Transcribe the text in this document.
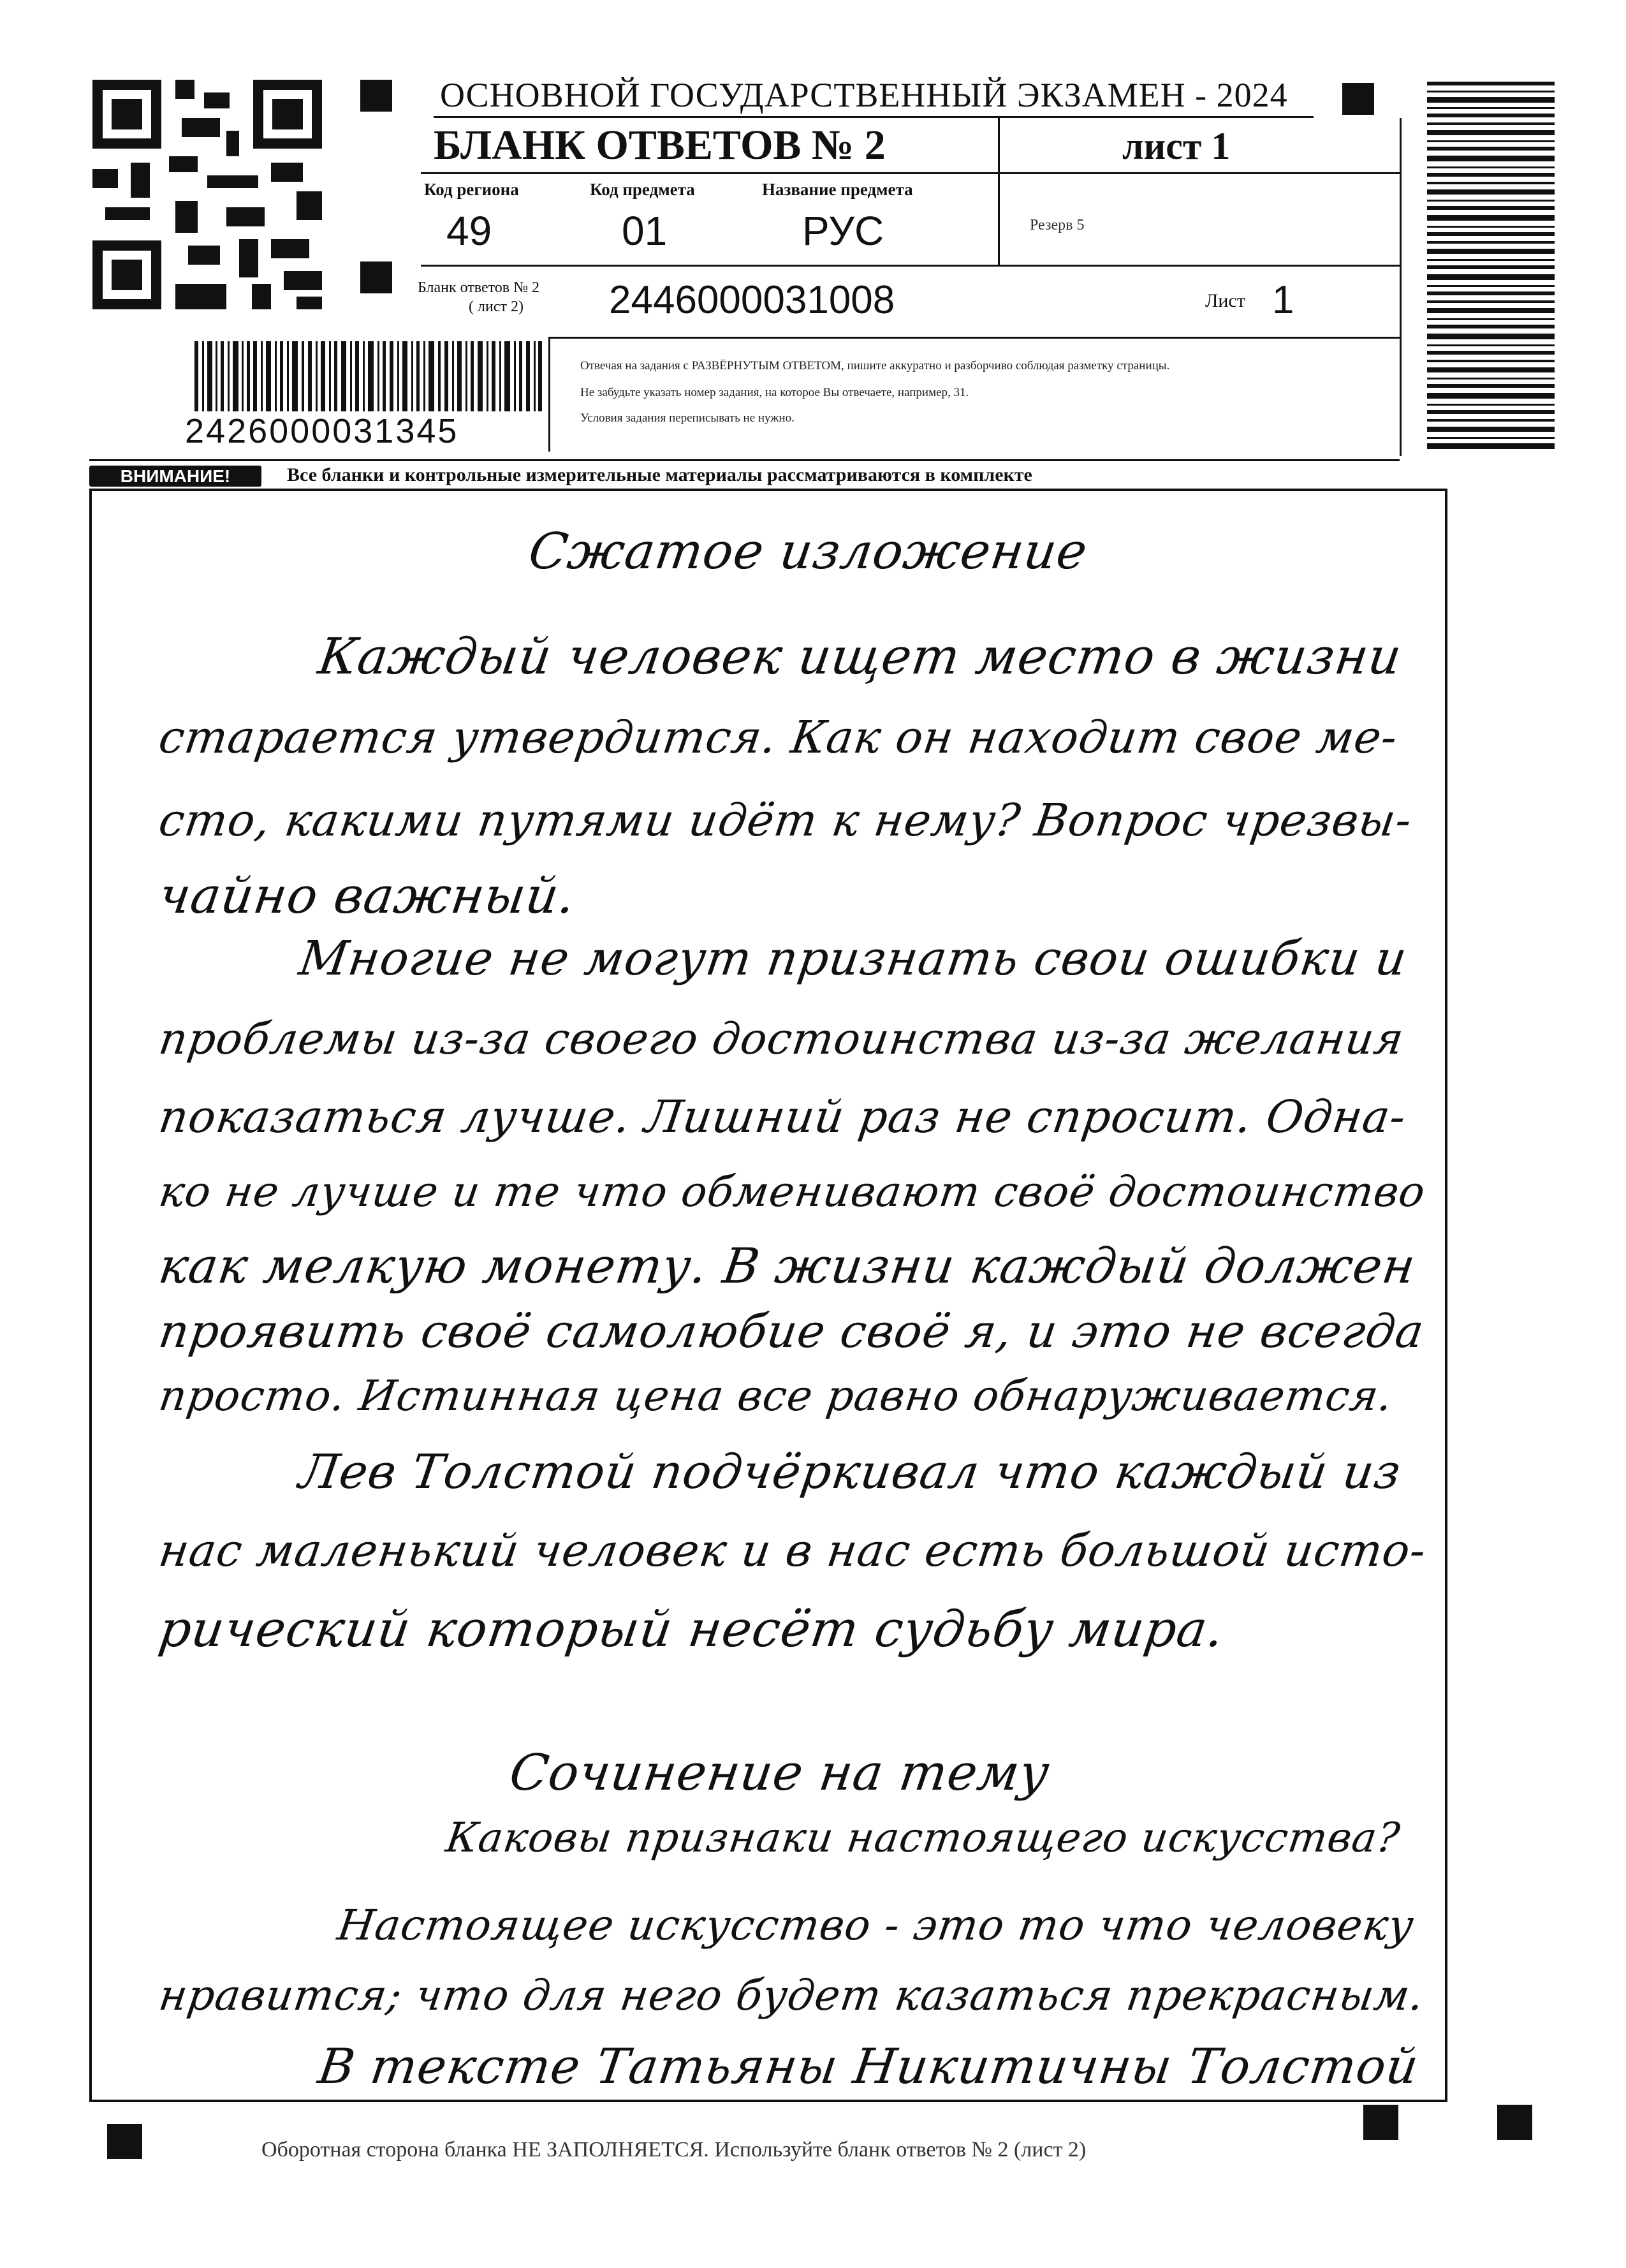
ОСНОВНОЙ ГОСУДАРСТВЕННЫЙ ЭКЗАМЕН - 2024
БЛАНК ОТВЕТОВ № 2	лист 1
Код региона	Код предмета	Название предмета
49	01	РУС	Резерв 5
Бланк ответов № 2
( лист 2) 2446000031008	Лист 1
Отвечая на задания с РАЗВЁРНУТЫМ ОТВЕТОМ, пишите аккуратно и разборчиво соблюдая разметку страницы.
Не забудьте указать номер задания, на которое Вы отвечаете, например, 31.
Условия задания переписывать не нужно.
2426000031345
ВНИМАНИЕ!	Все бланки и контрольные измерительные материалы рассматриваются в комплекте
Сжатое изложение
Каждый человек ищет место в жизни
старается утвердится. Как он находит свое ме-
сто, какими путями идёт к нему? Вопрос чрезвы-
чайно важный.
Многие не могут признать свои ошибки и
проблемы из-за своего достоинства из-за желания
показаться лучше. Лишний раз не спросит. Одна-
ко не лучше и те что обменивают своё достоинство
как мелкую монету. В жизни каждый должен
проявить своё самолюбие своё я, и это не всегда
просто. Истинная цена все равно обнаруживается.
Лев Толстой подчёркивал что каждый из
нас маленький человек и в нас есть большой исто-
рический который несёт судьбу мира.
Сочинение на тему
Каковы признаки настоящего искусства?
Настоящее искусство - это то что человеку
нравится; что для него будет казаться прекрасным.
В тексте Татьяны Никитичны Толстой
Оборотная сторона бланка НЕ ЗАПОЛНЯЕТСЯ. Используйте бланк ответов № 2 (лист 2)
